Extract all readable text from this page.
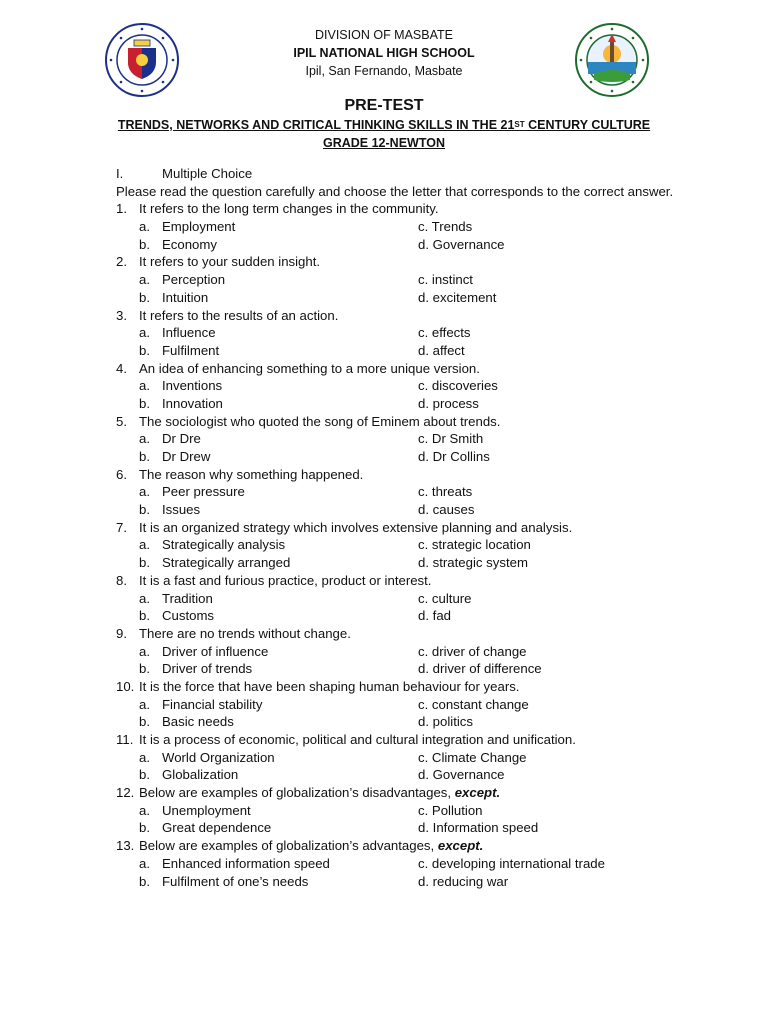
DIVISION OF MASBATE
IPIL NATIONAL HIGH SCHOOL
Ipil, San Fernando, Masbate
PRE-TEST
TRENDS, NETWORKS AND CRITICAL THINKING SKILLS IN THE 21ST CENTURY CULTURE
GRADE 12-NEWTON
I.	Multiple Choice
Please read the question carefully and choose the letter that corresponds to the correct answer.
1. It refers to the long term changes in the community.
a. Employment	c. Trends
b. Economy	d. Governance
2. It refers to your sudden insight.
a. Perception	c. instinct
b. Intuition	d. excitement
3. It refers to the results of an action.
a. Influence	c. effects
b. Fulfilment	d. affect
4. An idea of enhancing something to a more unique version.
a. Inventions	c. discoveries
b. Innovation	d. process
5. The sociologist who quoted the song of Eminem about trends.
a. Dr Dre	c. Dr Smith
b. Dr Drew	d. Dr Collins
6. The reason why something happened.
a. Peer pressure	c. threats
b. Issues	d. causes
7. It is an organized strategy which involves extensive planning and analysis.
a. Strategically analysis	c. strategic location
b. Strategically arranged	d. strategic system
8. It is a fast and furious practice, product or interest.
a. Tradition	c. culture
b. Customs	d. fad
9. There are no trends without change.
a. Driver of influence	c. driver of change
b. Driver of trends	d. driver of difference
10. It is the force that have been shaping human behaviour for years.
a. Financial stability	c. constant change
b. Basic needs	d. politics
11. It is a process of economic, political and cultural integration and unification.
a. World Organization	c. Climate Change
b. Globalization	d. Governance
12. Below are examples of globalization’s disadvantages, except.
a. Unemployment	c. Pollution
b. Great dependence	d. Information speed
13. Below are examples of globalization’s advantages, except.
a. Enhanced information speed	c. developing international trade
b. Fulfilment of one’s needs	d. reducing war
